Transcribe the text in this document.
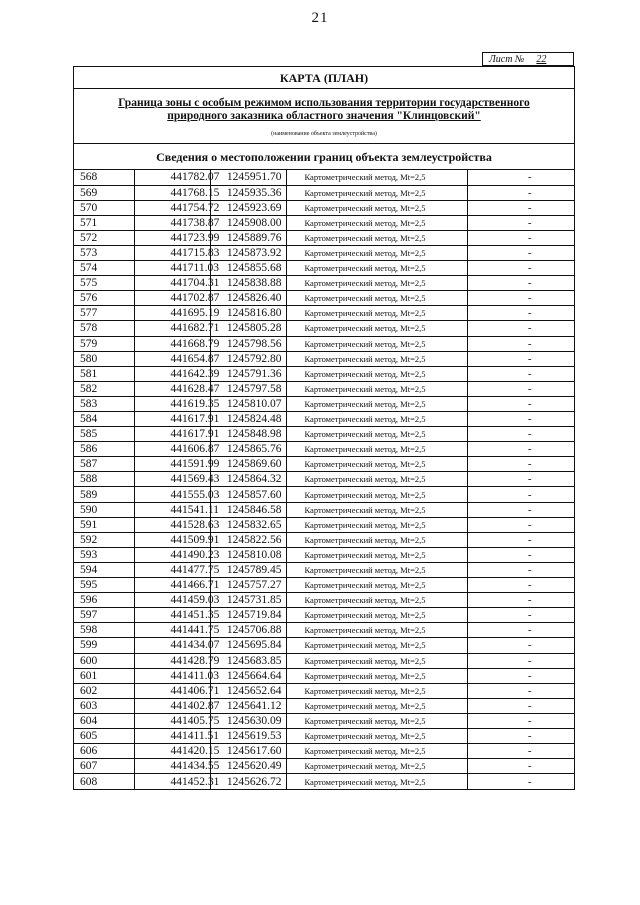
21
Лист № 22
КАРТА (ПЛАН)
Граница зоны с особым режимом использования территории государственного
природного заказника областного значения "Клинцовский"
(наименование объекта землеустройства)
Сведения о местоположении границ объекта землеустройства
568	441782.07	1245951.70	Картометрический метод, Mt=2,5	-
569	441768.15	1245935.36	Картометрический метод, Mt=2,5	-
570	441754.72	1245923.69	Картометрический метод, Mt=2,5	-
571	441738.87	1245908.00	Картометрический метод, Mt=2,5	-
572	441723.99	1245889.76	Картометрический метод, Mt=2,5	-
573	441715.83	1245873.92	Картометрический метод, Mt=2,5	-
574	441711.03	1245855.68	Картометрический метод, Mt=2,5	-
575	441704.31	1245838.88	Картометрический метод, Mt=2,5	-
576	441702.87	1245826.40	Картометрический метод, Mt=2,5	-
577	441695.19	1245816.80	Картометрический метод, Mt=2,5	-
578	441682.71	1245805.28	Картометрический метод, Mt=2,5	-
579	441668.79	1245798.56	Картометрический метод, Mt=2,5	-
580	441654.87	1245792.80	Картометрический метод, Mt=2,5	-
581	441642.39	1245791.36	Картометрический метод, Mt=2,5	-
582	441628.47	1245797.58	Картометрический метод, Mt=2,5	-
583	441619.35	1245810.07	Картометрический метод, Mt=2,5	-
584	441617.91	1245824.48	Картометрический метод, Mt=2,5	-
585	441617.91	1245848.98	Картометрический метод, Mt=2,5	-
586	441606.87	1245865.76	Картометрический метод, Mt=2,5	-
587	441591.99	1245869.60	Картометрический метод, Mt=2,5	-
588	441569.43	1245864.32	Картометрический метод, Mt=2,5	-
589	441555.03	1245857.60	Картометрический метод, Mt=2,5	-
590	441541.11	1245846.58	Картометрический метод, Mt=2,5	-
591	441528.63	1245832.65	Картометрический метод, Mt=2,5	-
592	441509.91	1245822.56	Картометрический метод, Mt=2,5	-
593	441490.23	1245810.08	Картометрический метод, Mt=2,5	-
594	441477.75	1245789.45	Картометрический метод, Mt=2,5	-
595	441466.71	1245757.27	Картометрический метод, Mt=2,5	-
596	441459.03	1245731.85	Картометрический метод, Mt=2,5	-
597	441451.35	1245719.84	Картометрический метод, Mt=2,5	-
598	441441.75	1245706.88	Картометрический метод, Mt=2,5	-
599	441434.07	1245695.84	Картометрический метод, Mt=2,5	-
600	441428.79	1245683.85	Картометрический метод, Mt=2,5	-
601	441411.03	1245664.64	Картометрический метод, Mt=2,5	-
602	441406.71	1245652.64	Картометрический метод, Mt=2,5	-
603	441402.87	1245641.12	Картометрический метод, Mt=2,5	-
604	441405.75	1245630.09	Картометрический метод, Mt=2,5	-
605	441411.51	1245619.53	Картометрический метод, Mt=2,5	-
606	441420.15	1245617.60	Картометрический метод, Mt=2,5	-
607	441434.55	1245620.49	Картометрический метод, Mt=2,5	-
608	441452.31	1245626.72	Картометрический метод, Mt=2,5	-
